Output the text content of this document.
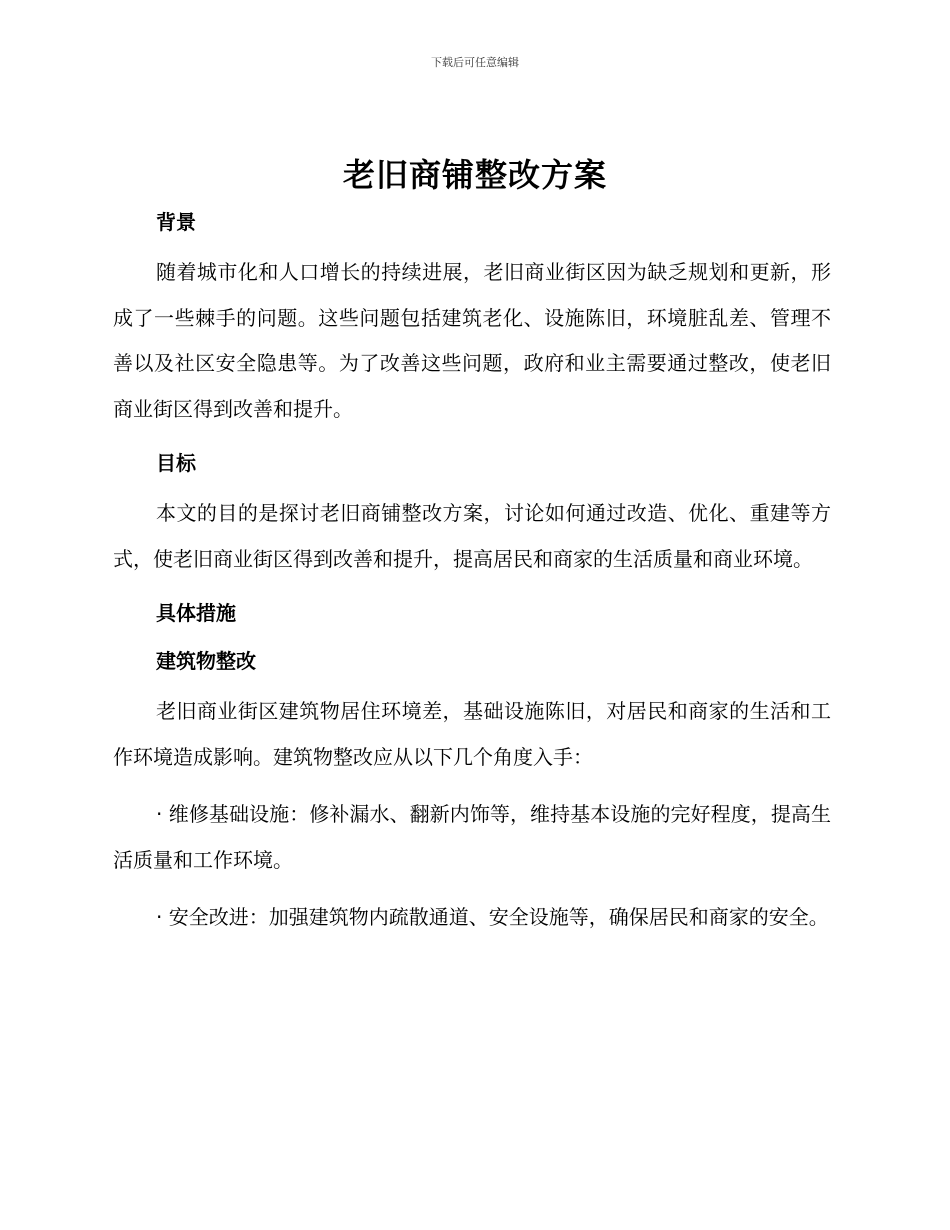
下载后可任意编辑
老旧商铺整改方案
背景

随着城市化和人口增长的持续进展，老旧商业街区因为缺乏规划和更新，形成了一些棘手的问题。这些问题包括建筑老化、设施陈旧，环境脏乱差、管理不善以及社区安全隐患等。为了改善这些问题，政府和业主需要通过整改，使老旧商业街区得到改善和提升。

目标

本文的目的是探讨老旧商铺整改方案，讨论如何通过改造、优化、重建等方式，使老旧商业街区得到改善和提升，提高居民和商家的生活质量和商业环境。

具体措施
建筑物整改

老旧商业街区建筑物居住环境差，基础设施陈旧，对居民和商家的生活和工作环境造成影响。建筑物整改应从以下几个角度入手：

· 维修基础设施：修补漏水、翻新内饰等，维持基本设施的完好程度，提高生活质量和工作环境。

· 安全改进：加强建筑物内疏散通道、安全设施等，确保居民和商家的安全。
